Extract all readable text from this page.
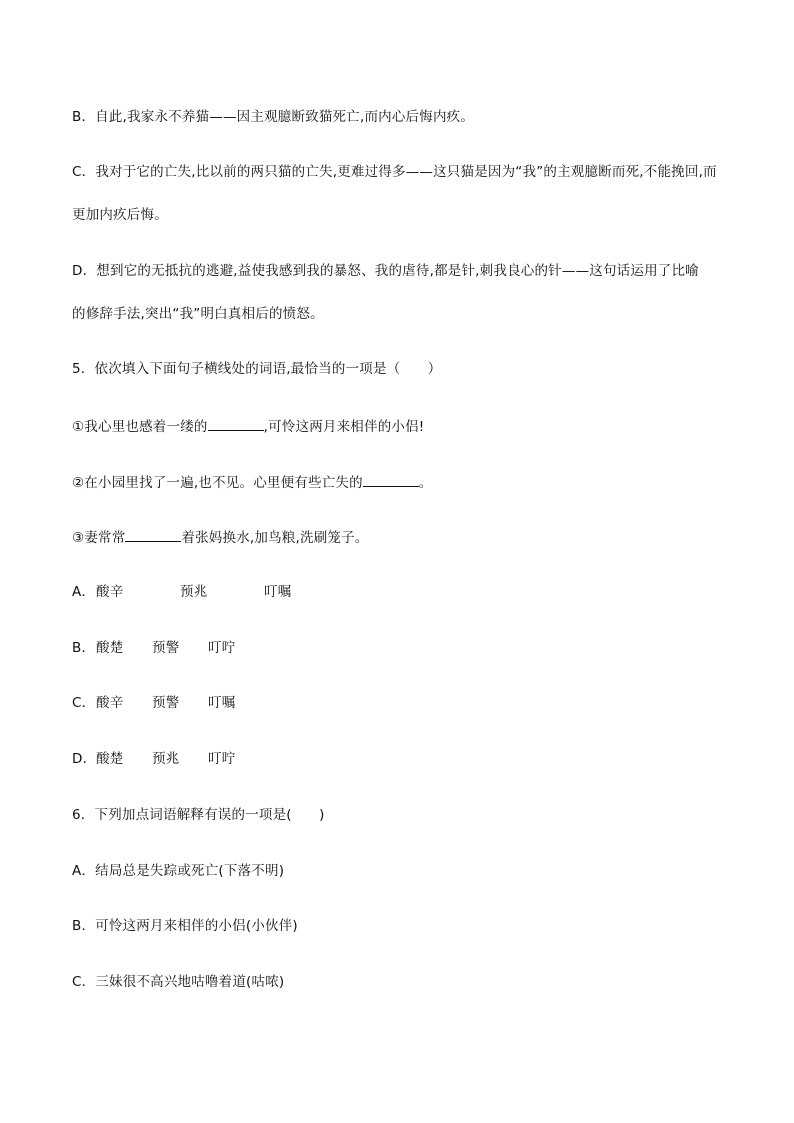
B．自此,我家永不养猫——因主观臆断致猫死亡,而内心后悔内疚。
C．我对于它的亡失,比以前的两只猫的亡失,更难过得多——这只猫是因为“我”的主观臆断而死,不能挽回,而
更加内疚后悔。
D．想到它的无抵抗的逃避,益使我感到我的暴怒、我的虐待,都是针,刺我良心的针——这句话运用了比喻
的修辞手法,突出“我”明白真相后的愤怒。
5．依次填入下面句子横线处的词语,最恰当的一项是（　　）
①我心里也感着一缕的	,可怜这两月来相伴的小侣!
②在小园里找了一遍,也不见。心里便有些亡失的	。
③妻常常	着张妈换水,加鸟粮,洗刷笼子。
A．酸辛	预兆	叮嘱
B．酸楚 预警 叮咛
C．酸辛 预警 叮嘱
D．酸楚 预兆 叮咛
6．下列加点词语解释有误的一项是(　　)
A．结局总是失踪或死亡(下落不明)
B．可怜这两月来相伴的小侣(小伙伴)
C．三妹很不高兴地咕噜着道(咕哝)
